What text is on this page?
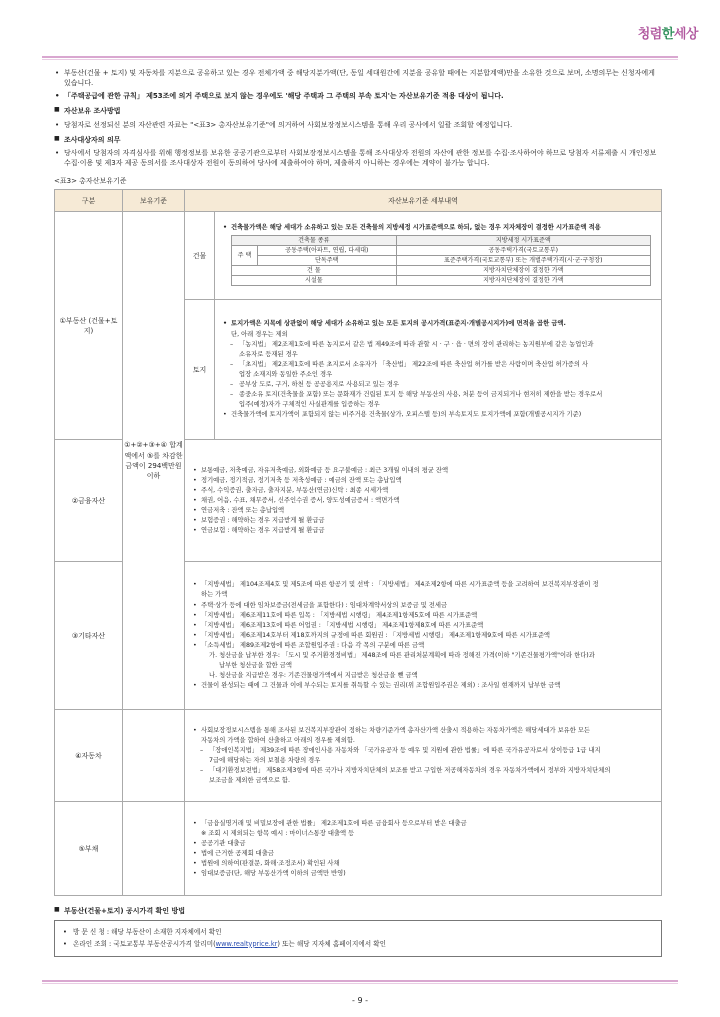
청렴한세상
• 부동산(건물 + 토지) 및 자동차를 지분으로 공유하고 있는 경우 전체가액 중 해당지분가액(단, 동일 세대원간에 지분을 공유할 때에는 지분합계액)만을 소유한 것으로 보며, 소명의무는 신청자에게 있습니다.
• 「주택공급에 관한 규칙」 제53조에 의거 주택으로 보지 않는 경우에도 '해당 주택과 그 주택의 부속 토지'는 자산보유기준 적용 대상이 됩니다.
■ 자산보유 조사방법
• 당첨자로 선정되신 분의 자산관련 자료는 "<표3> 총자산보유기준"에 의거하여 사회보장정보시스템을 통해 우리 공사에서 일괄 조회할 예정입니다.
■ 조사대상자의 의무
• 당사에서 당첨자의 자격심사를 위해 행정정보를 보유한 공공기관으로부터 사회보장정보시스템을 통해 조사대상자 전원의 자산에 관한 정보를 수집·조사하여야 하므로 당첨자 서류제출 시 개인정보 수집·이용 및 제3자 제공 동의서를 조사대상자 전원이 동의하여 당사에 제출하여야 하며, 제출하지 아니하는 경우에는 계약이 불가능 합니다.
<표3> 총자산보유기준
구분	보유기준	자산보유기준 세부내역
①부동산 (건물+토지)	①+②+③+④ 합계액에서 ⑤를 차감한 금액이 294백만원 이하	건물	
• 건축물가액은 해당 세대가 소유하고 있는 모든 건축물의 지방세정 시가표준액으로 하되, 없는 경우 지자체장이 결정한 시가표준액 적용
건축물 종류	지방세정 시가표준액
주 택	공동주택(아파트, 연립, 다세대)	공동주택가격(국토교통부)
단독주택	표준주택가격(국토교통부) 또는 개별주택가격(시·군·구청장)
건 물	지방자치단체장이 결정한 가액
시설물	지방자치단체장이 결정한 가액

토지	
• 토지가액은 지목에 상관없이 해당 세대가 소유하고 있는 모든 토지의 공시가격(표준지·개별공시지가)에 면적을 곱한 금액.
단, 아래 경우는 제외
– 「농지법」 제2조제1호에 따른 농지로서 같은 법 제49조에 따라 관할 시 · 구 · 읍 · 면의 장이 관리하는 농지원부에 같은 농업인과
소유자로 등재된 경우
– 「초지법」 제2조제1호에 따른 초지로서 소유자가 「축산법」 제22조에 따른 축산업 허가를 받은 사람이며 축산업 허가증의 사
업장 소재지와 동일한 주소인 경우
– 공부상 도로, 구거, 하천 등 공공용지로 사용되고 있는 경우
– 종중소유 토지(건축물을 포함) 또는 문화재가 건립된 토지 등 해당 부동산의 사용, 처분 등이 금지되거나 현저히 제한을 받는 경우로서
입주(예정)자가 구체적인 사실관계를 입증하는 경우
• 건축물가액에 토지가액이 포함되지 않는 비주거용 건축물(상가, 오피스텔 등)의 부속토지도 토지가액에 포함(개별공시지가 기준)

②금융자산	
• 보통예금, 저축예금, 자유저축예금, 외화예금 등 요구불예금 : 최근 3개월 이내의 평균 잔액
• 정기예금, 정기적금, 정기저축 등 저축성예금 : 예금의 잔액 또는 총납입액
• 주식, 수익증권, 출자금, 출자지분, 부동산(연금)신탁 : 최종 시세가액
• 채권, 어음, 수표, 채무증서, 신주인수권 증서, 양도성예금증서 : 액면가액
• 연금저축 : 잔액 또는 총납입액
• 보험증권 : 해약하는 경우 지급받게 될 환급금
• 연금보험 : 해약하는 경우 지급받게 될 환급금

③기타자산	
• 「지방세법」 제104조제4호 및 제5조에 따른 항공기 및 선박 : 「지방세법」 제4조제2항에 따른 시가표준액 등을 고려하여 보건복지부장관이 정
하는 가액
• 주택·상가 등에 대한 임차보증금(전세금을 포함한다) : 임대차계약서상의 보증금 및 전세금
• 「지방세법」 제6조제11호에 따른 입목 : 「지방세법 시행령」 제4조제1항제5호에 따른 시가표준액
• 「지방세법」 제6조제13호에 따른 어업권 : 「지방세법 시행령」 제4조제1항제8호에 따른 시가표준액
• 「지방세법」 제6조제14호부터 제18호까지의 규정에 따른 회원권 : 「지방세법 시행령」 제4조제1항제9호에 따른 시가표준액
• 「소득세법」 제89조제2항에 따른 조합원입주권 : 다음 각 목의 구분에 따른 금액
가. 청산금을 납부한 경우: 「도시 및 주거환경정비법」 제48조에 따른 관리처분계획에 따라 정해진 가격(이하 "기존건물평가액"이라 한다)과
납부한 청산금을 합한 금액
나. 청산금을 지급받은 경우: 기존건물평가액에서 지급받은 청산금을 뺀 금액
• 건물이 완성되는 때에 그 건물과 이에 부수되는 토지를 취득할 수 있는 권리(위 조합원입주권은 제외) : 조사일 현재까지 납부한 금액

④자동차		
• 사회보장정보시스템을 통해 조사된 보건복지부장관이 정하는 차량기준가액 총자산가액 산출시 적용하는 자동차가액은 해당세대가 보유한 모든
자동차의 가액을 합하여 산출하고 아래의 경우를 제외함.
– 「장애인복지법」 제39조에 따른 장애인사용 자동차와 「국가유공자 등 예우 및 지원에 관한 법률」에 따른 국가유공자로서 상이등급 1급 내지
7급에 해당하는 자의 보철용 차량의 경우
– 「대기환경보전법」 제58조제3항에 따른 국가나 지방자치단체의 보조를 받고 구입한 저공해자동차의 경우 자동차가액에서 정부와 지방자치단체의
보조금을 제외한 금액으로 함.

⑤부채		
• 「금융실명거래 및 비밀보장에 관한 법률」 제2조제1호에 따른 금융회사 등으로부터 받은 대출금
※ 조회 시 제외되는 항목 예시 : 마이너스통장 대출액 등
• 공공기관 대출금
• 법에 근거한 공제회 대출금
• 법원에 의하여(판결문, 화해·조정조서) 확인된 사채
• 임대보증금(단, 해당 부동산가액 이하의 금액만 반영)
■ 부동산(건물+토지) 공시가격 확인 방법
• 방 문 신 청 : 해당 부동산이 소재한 지자체에서 확인
• 온라인 조회 : 국토교통부 부동산공시가격 알리미(www.realtyprice.kr) 또는 해당 지자체 홈페이지에서 확인
- 9 -
